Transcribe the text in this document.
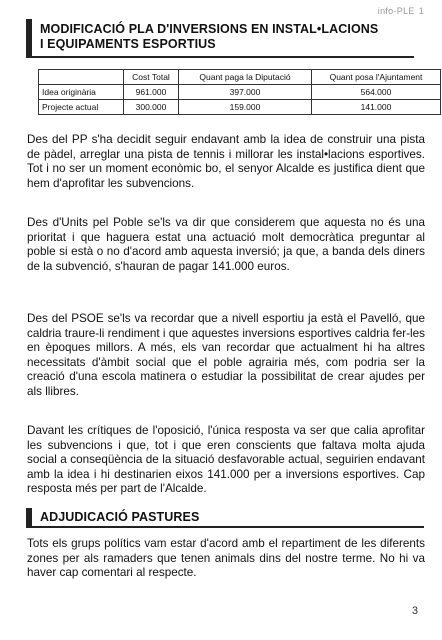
info-PLE 1
MODIFICACIÓ PLA D'INVERSIONS EN INSTAL•LACIONS
I EQUIPAMENTS ESPORTIUS
	Cost Total	Quant paga la Diputació	Quant posa l'Ajuntament
Idea originària	961.000	397.000	564.000
Projecte actual	300.000	159.000	141.000

Des del PP s'ha decidit seguir endavant amb la idea de construir una pista de pàdel, arreglar una pista de tennis i millorar les instal•lacions esportives. Tot i no ser un moment econòmic bo, el senyor Alcalde es justifica dient que hem d'aprofitar les subvencions.

Des d'Units pel Poble se'ls va dir que considerem que aquesta no és una prioritat i que haguera estat una actuació molt democràtica preguntar al poble si està o no d'acord amb aquesta inversió; ja que, a banda dels diners de la subvenció, s'hauran de pagar 141.000 euros.

Des del PSOE se'ls va recordar que a nivell esportiu ja està el Pavelló, que caldria traure-li rendiment i que aquestes inversions esportives caldria fer-les en èpoques millors. A més, els van recordar que actualment hi ha altres necessitats d'àmbit social que el poble agrairia més, com podria ser la creació d'una escola matinera o estudiar la possibilitat de crear ajudes per als llibres.

Davant les crítiques de l'oposició, l'única resposta va ser que calia aprofitar les subvencions i que, tot i que eren conscients que faltava molta ajuda social a conseqüència de la situació desfavorable actual, seguirien endavant amb la idea i hi destinarien eixos 141.000 per a inversions esportives. Cap resposta més per part de l'Alcalde.

ADJUDICACIÓ PASTURES

Tots els grups polítics vam estar d'acord amb el repartiment de les diferents zones per als ramaders que tenen animals dins del nostre terme. No hi va haver cap comentari al respecte.

3
